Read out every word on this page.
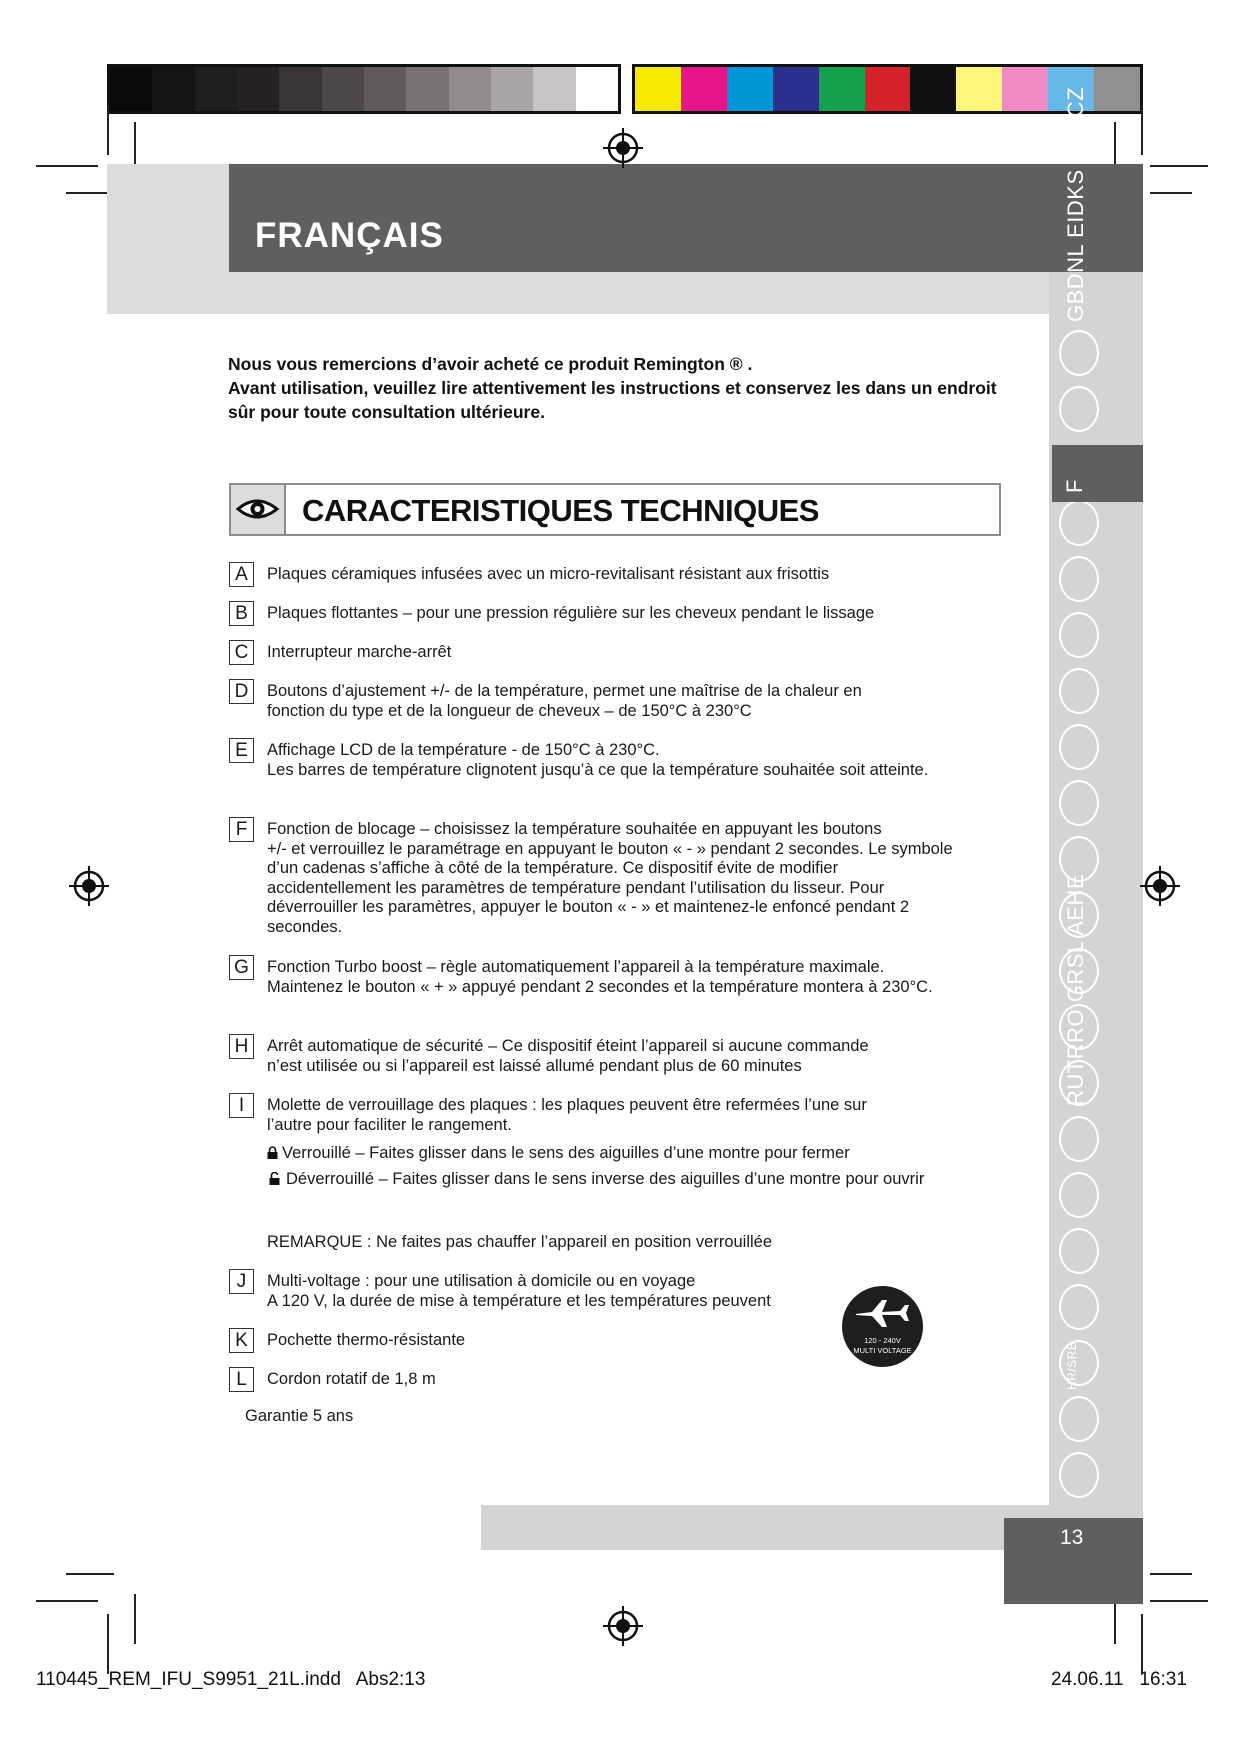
FRANÇAIS
F
GBDNL EIDKS PSKCZ
RUTRRO GRSL AEHE
HR/SRB
13

Nous vous remercions d’avoir acheté ce produit Remington ® .

Avant utilisation, veuillez lire attentivement les instructions et conservez les dans un endroit sûr pour toute consultation ultérieure.

CARACTERISTIQUES TECHNIQUES
A	Plaques céramiques infusées avec un micro-revitalisant résistant aux frisottis
B	Plaques flottantes – pour une pression régulière sur les cheveux pendant le lissage
C	Interrupteur marche-arrêt
D	Boutons d’ajustement +/- de la température, permet une maîtrise de la chaleur en
fonction du type et de la longueur de cheveux – de 150°C à 230°C
E	Affichage LCD de la température - de 150°C à 230°C.
Les barres de température clignotent jusqu’à ce que la température souhaitée soit atteinte.
F	Fonction de blocage – choisissez la température souhaitée en appuyant les boutons
+/- et verrouillez le paramétrage en appuyant le bouton « - » pendant 2 secondes. Le symbole d’un cadenas s’affiche à côté de la température. Ce dispositif évite de modifier accidentellement les paramètres de température pendant l’utilisation du lisseur. Pour déverrouiller les paramètres, appuyer le bouton « - » et maintenez-le enfoncé pendant 2 secondes.
G	Fonction Turbo boost – règle automatiquement l’appareil à la température maximale.
Maintenez le bouton « + » appuyé pendant 2 secondes et la température montera à 230°C.
H	Arrêt automatique de sécurité – Ce dispositif éteint l’appareil si aucune commande
n’est utilisée ou si l’appareil est laissé allumé pendant plus de 60 minutes
I	Molette de verrouillage des plaques : les plaques peuvent être refermées l’une sur
l’autre pour faciliter le rangement.
Verrouillé – Faites glisser dans le sens des aiguilles d’une montre pour fermer
Déverrouillé – Faites glisser dans le sens inverse des aiguilles d’une montre pour ouvrir
REMARQUE : Ne faites pas chauffer l’appareil en position verrouillée
J	Multi-voltage : pour une utilisation à domicile ou en voyage
A 120 V, la durée de mise à température et les températures peuvent
K	Pochette thermo-résistante
L	Cordon rotatif de 1,8 m
Garantie 5 ans
120 - 240V
MULTI VOLTAGE
110445_REM_IFU_S9951_21L.indd   Abs2:13	24.06.11   16:31
